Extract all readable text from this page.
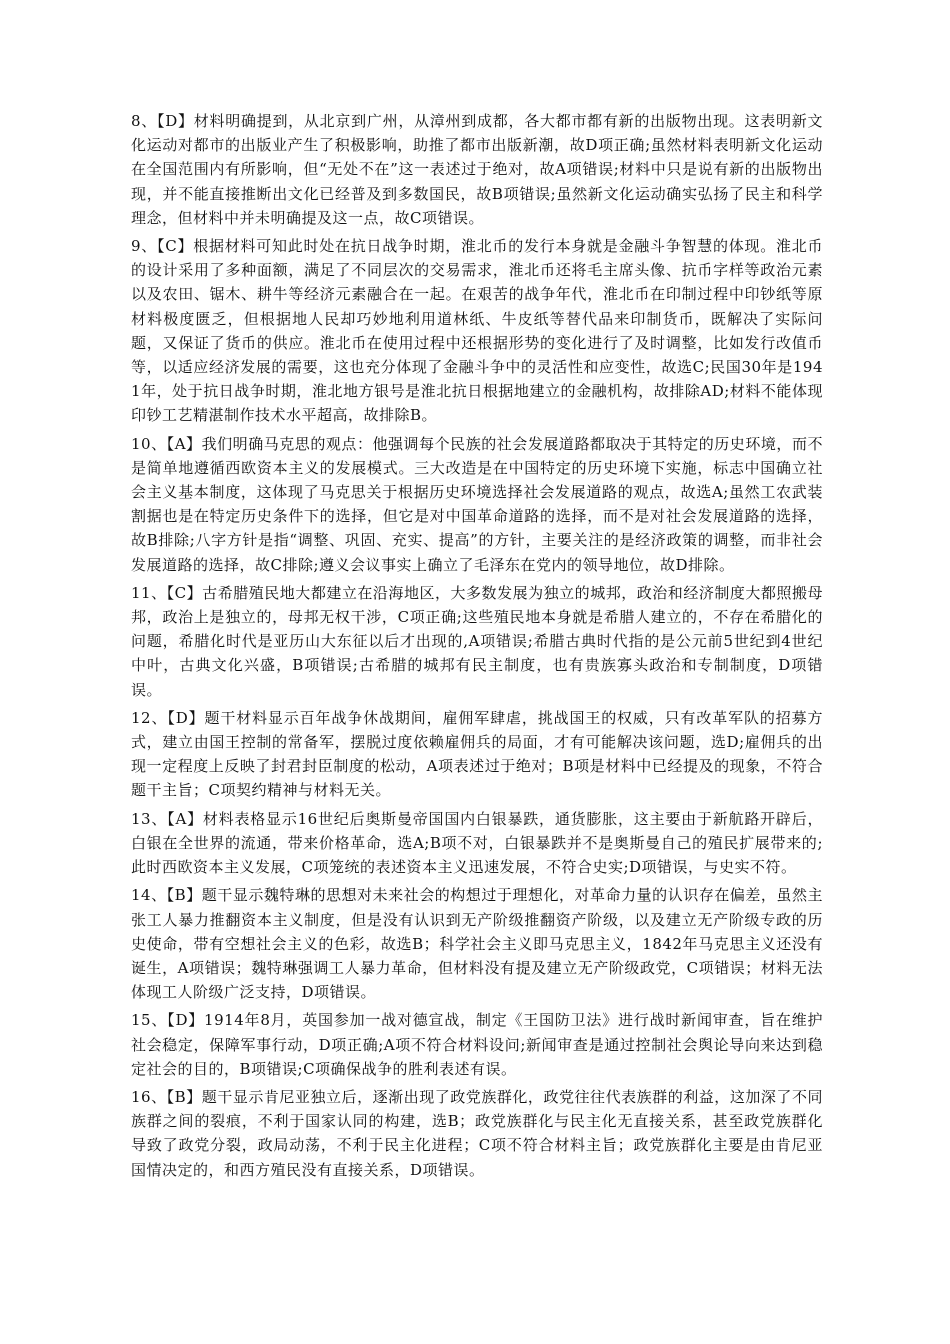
8、【D】材料明确提到，从北京到广州，从漳州到成都，各大都市都有新的出版物出现。这表明新文化运动对都市的出版业产生了积极影响，助推了都市出版新潮，故D项正确;虽然材料表明新文化运动在全国范围内有所影响，但“无处不在”这一表述过于绝对，故A项错误;材料中只是说有新的出版物出现，并不能直接推断出文化已经普及到多数国民，故B项错误;虽然新文化运动确实弘扬了民主和科学理念，但材料中并未明确提及这一点，故C项错误。

9、【C】根据材料可知此时处在抗日战争时期，淮北币的发行本身就是金融斗争智慧的体现。淮北币的设计采用了多种面额，满足了不同层次的交易需求，淮北币还将毛主席头像、抗币字样等政治元素以及农田、锯木、耕牛等经济元素融合在一起。在艰苦的战争年代，淮北币在印制过程中印钞纸等原材料极度匮乏，但根据地人民却巧妙地利用道林纸、牛皮纸等替代品来印制货币，既解决了实际问题，又保证了货币的供应。淮北币在使用过程中还根据形势的变化进行了及时调整，比如发行改值币等，以适应经济发展的需要，这也充分体现了金融斗争中的灵活性和应变性，故选C;民国30年是1941年，处于抗日战争时期，淮北地方银号是淮北抗日根据地建立的金融机构，故排除AD;材料不能体现印钞工艺精湛制作技术水平超高，故排除B。

10、【A】我们明确马克思的观点：他强调每个民族的社会发展道路都取决于其特定的历史环境，而不是简单地遵循西欧资本主义的发展模式。三大改造是在中国特定的历史环境下实施，标志中国确立社会主义基本制度，这体现了马克思关于根据历史环境选择社会发展道路的观点，故选A;虽然工农武装割据也是在特定历史条件下的选择，但它是对中国革命道路的选择，而不是对社会发展道路的选择，故B排除;八字方针是指“调整、巩固、充实、提高”的方针，主要关注的是经济政策的调整，而非社会发展道路的选择，故C排除;遵义会议事实上确立了毛泽东在党内的领导地位，故D排除。

11、【C】古希腊殖民地大都建立在沿海地区，大多数发展为独立的城邦，政治和经济制度大都照搬母邦，政治上是独立的，母邦无权干涉，C项正确;这些殖民地本身就是希腊人建立的，不存在希腊化的问题，希腊化时代是亚历山大东征以后才出现的,A项错误;希腊古典时代指的是公元前5世纪到4世纪中叶，古典文化兴盛，B项错误;古希腊的城邦有民主制度，也有贵族寡头政治和专制制度，D项错误。

12、【D】题干材料显示百年战争休战期间，雇佣军肆虐，挑战国王的权威，只有改革军队的招募方式，建立由国王控制的常备军，摆脱过度依赖雇佣兵的局面，才有可能解决该问题，选D;雇佣兵的出现一定程度上反映了封君封臣制度的松动，A项表述过于绝对；B项是材料中已经提及的现象，不符合题干主旨；C项契约精神与材料无关。

13、【A】材料表格显示16世纪后奥斯曼帝国国内白银暴跌，通货膨胀，这主要由于新航路开辟后，白银在全世界的流通，带来价格革命，选A;B项不对，白银暴跌并不是奥斯曼自己的殖民扩展带来的;此时西欧资本主义发展，C项笼统的表述资本主义迅速发展，不符合史实;D项错误，与史实不符。

14、【B】题干显示魏特琳的思想对未来社会的构想过于理想化，对革命力量的认识存在偏差，虽然主张工人暴力推翻资本主义制度，但是没有认识到无产阶级推翻资产阶级，以及建立无产阶级专政的历史使命，带有空想社会主义的色彩，故选B；科学社会主义即马克思主义，1842年马克思主义还没有诞生，A项错误；魏特琳强调工人暴力革命，但材料没有提及建立无产阶级政党，C项错误；材料无法体现工人阶级广泛支持，D项错误。

15、【D】1914年8月，英国参加一战对德宣战，制定《王国防卫法》进行战时新闻审查，旨在维护社会稳定，保障军事行动，D项正确;A项不符合材料设问;新闻审查是通过控制社会舆论导向来达到稳定社会的目的，B项错误;C项确保战争的胜利表述有误。

16、【B】题干显示肯尼亚独立后，逐渐出现了政党族群化，政党往往代表族群的利益，这加深了不同族群之间的裂痕，不利于国家认同的构建，选B；政党族群化与民主化无直接关系，甚至政党族群化导致了政党分裂，政局动荡，不利于民主化进程；C项不符合材料主旨；政党族群化主要是由肯尼亚国情决定的，和西方殖民没有直接关系，D项错误。
